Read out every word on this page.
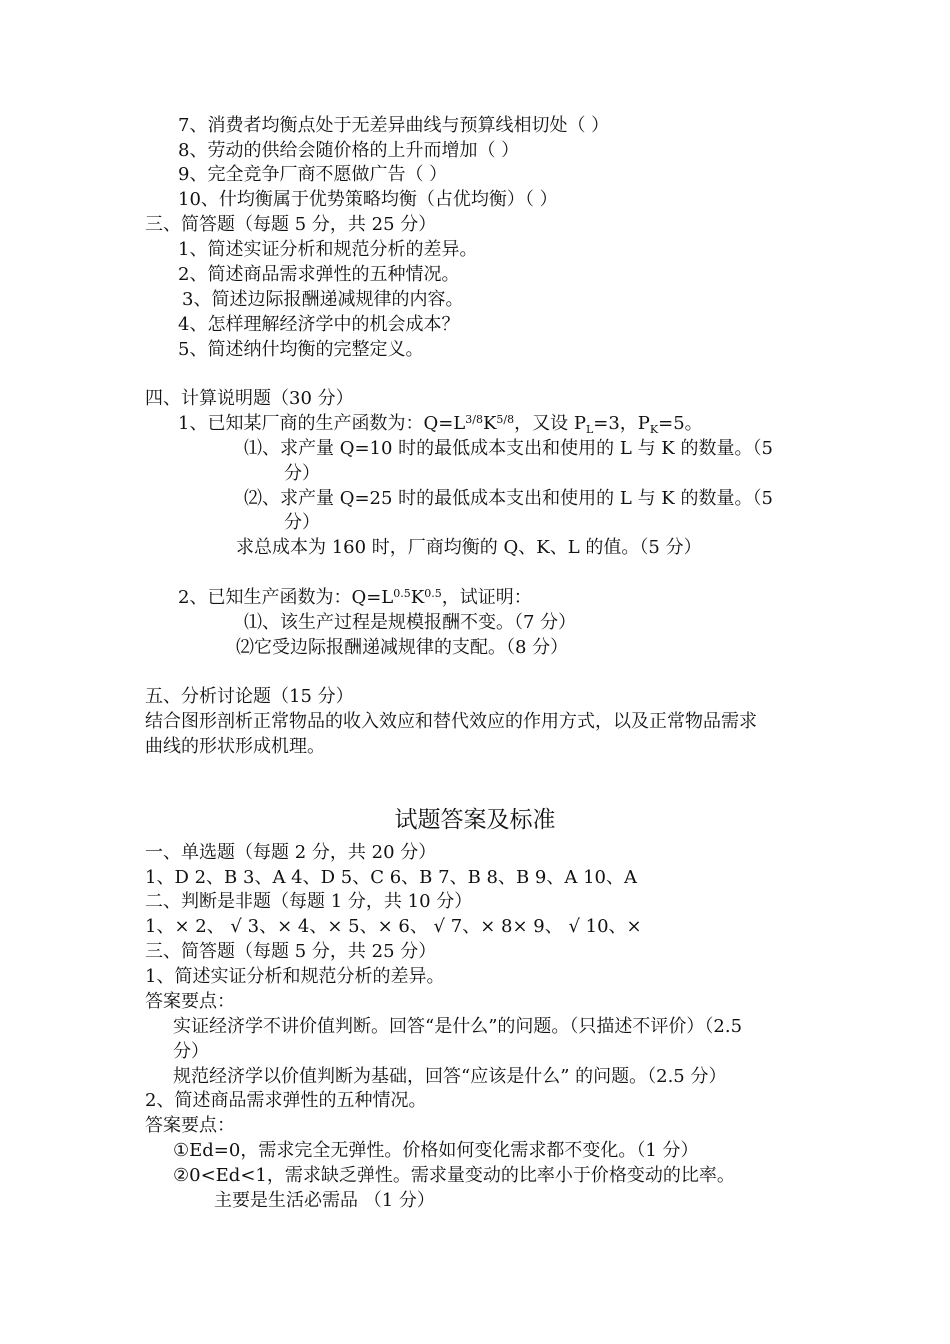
7、消费者均衡点处于无差异曲线与预算线相切处（ ）
8、劳动的供给会随价格的上升而增加（ ）
9、完全竞争厂商不愿做广告（ ）
10、什均衡属于优势策略均衡（占优均衡）（ ）
三、简答题（每题 5 分，共 25 分）
1、简述实证分析和规范分析的差异。
2、简述商品需求弹性的五种情况。
3、简述边际报酬递减规律的内容。
4、怎样理解经济学中的机会成本？
5、简述纳什均衡的完整定义。
四、计算说明题（30 分）
1、已知某厂商的生产函数为：$Q=L^{3/8}K^{5/8}$，又设 $P_L=3$，$P_K=5$。
⑴、求产量 Q=10 时的最低成本支出和使用的 L 与 K 的数量。（5
分）
⑵、求产量 Q=25 时的最低成本支出和使用的 L 与 K 的数量。（5
分）
求总成本为 160 时，厂商均衡的 Q、K、L 的值。（5 分）
2、已知生产函数为：$Q=L^{0.5}K^{0.5}$，试证明：
⑴、该生产过程是规模报酬不变。（7 分）
⑵它受边际报酬递减规律的支配。（8 分）
五、分析讨论题（15 分）
结合图形剖析正常物品的收入效应和替代效应的作用方式，以及正常物品需求
曲线的形状形成机理。
试题答案及标准
一、单选题（每题 2 分，共 20 分）
1、D 2、B 3、A 4、D 5、C 6、B 7、B 8、B 9、A 10、A
二、判断是非题（每题 1 分，共 10 分）
1、× 2、 √ 3、× 4、× 5、× 6、 √ 7、× 8× 9、 √ 10、×
三、简答题（每题 5 分，共 25 分）
1、简述实证分析和规范分析的差异。
答案要点：
实证经济学不讲价值判断。回答“是什么”的问题。（只描述不评价）（2.5
分）
规范经济学以价值判断为基础，回答“应该是什么” 的问题。（2.5 分）
2、简述商品需求弹性的五种情况。
答案要点：
①Ed=0，需求完全无弹性。价格如何变化需求都不变化。（1 分）
②0<Ed<1，需求缺乏弹性。需求量变动的比率小于价格变动的比率。
主要是生活必需品 （1 分）
